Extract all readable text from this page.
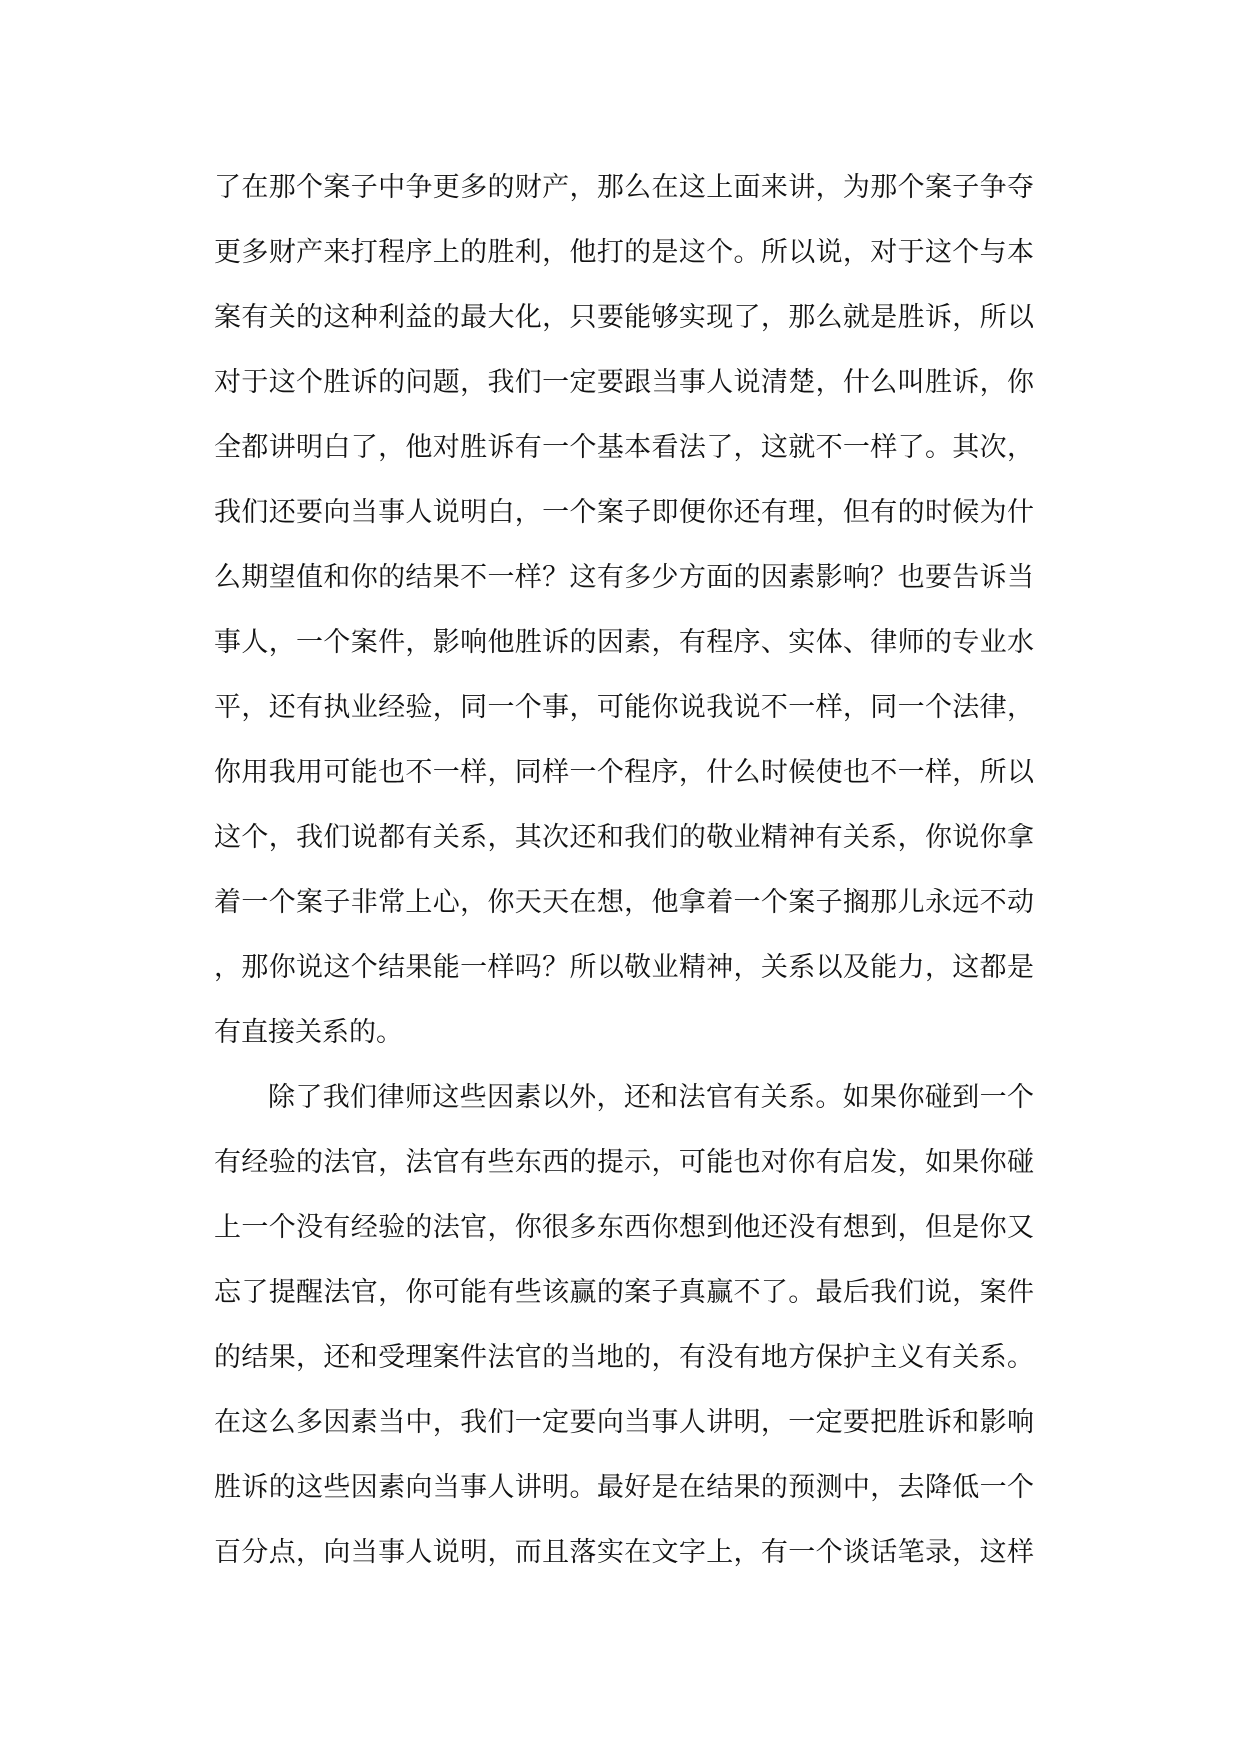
了在那个案子中争更多的财产，那么在这上面来讲，为那个案子争夺
更多财产来打程序上的胜利，他打的是这个。所以说，对于这个与本
案有关的这种利益的最大化，只要能够实现了，那么就是胜诉，所以
对于这个胜诉的问题，我们一定要跟当事人说清楚，什么叫胜诉，你
全都讲明白了，他对胜诉有一个基本看法了，这就不一样了。其次，
我们还要向当事人说明白，一个案子即便你还有理，但有的时候为什
么期望值和你的结果不一样？这有多少方面的因素影响？也要告诉当
事人，一个案件，影响他胜诉的因素，有程序、实体、律师的专业水
平，还有执业经验，同一个事，可能你说我说不一样，同一个法律，
你用我用可能也不一样，同样一个程序，什么时候使也不一样，所以
这个，我们说都有关系，其次还和我们的敬业精神有关系，你说你拿
着一个案子非常上心，你天天在想，他拿着一个案子搁那儿永远不动
，那你说这个结果能一样吗？所以敬业精神，关系以及能力，这都是
有直接关系的。
除了我们律师这些因素以外，还和法官有关系。如果你碰到一个
有经验的法官，法官有些东西的提示，可能也对你有启发，如果你碰
上一个没有经验的法官，你很多东西你想到他还没有想到，但是你又
忘了提醒法官，你可能有些该赢的案子真赢不了。最后我们说，案件
的结果，还和受理案件法官的当地的，有没有地方保护主义有关系。
在这么多因素当中，我们一定要向当事人讲明，一定要把胜诉和影响
胜诉的这些因素向当事人讲明。最好是在结果的预测中，去降低一个
百分点，向当事人说明，而且落实在文字上，有一个谈话笔录，这样
